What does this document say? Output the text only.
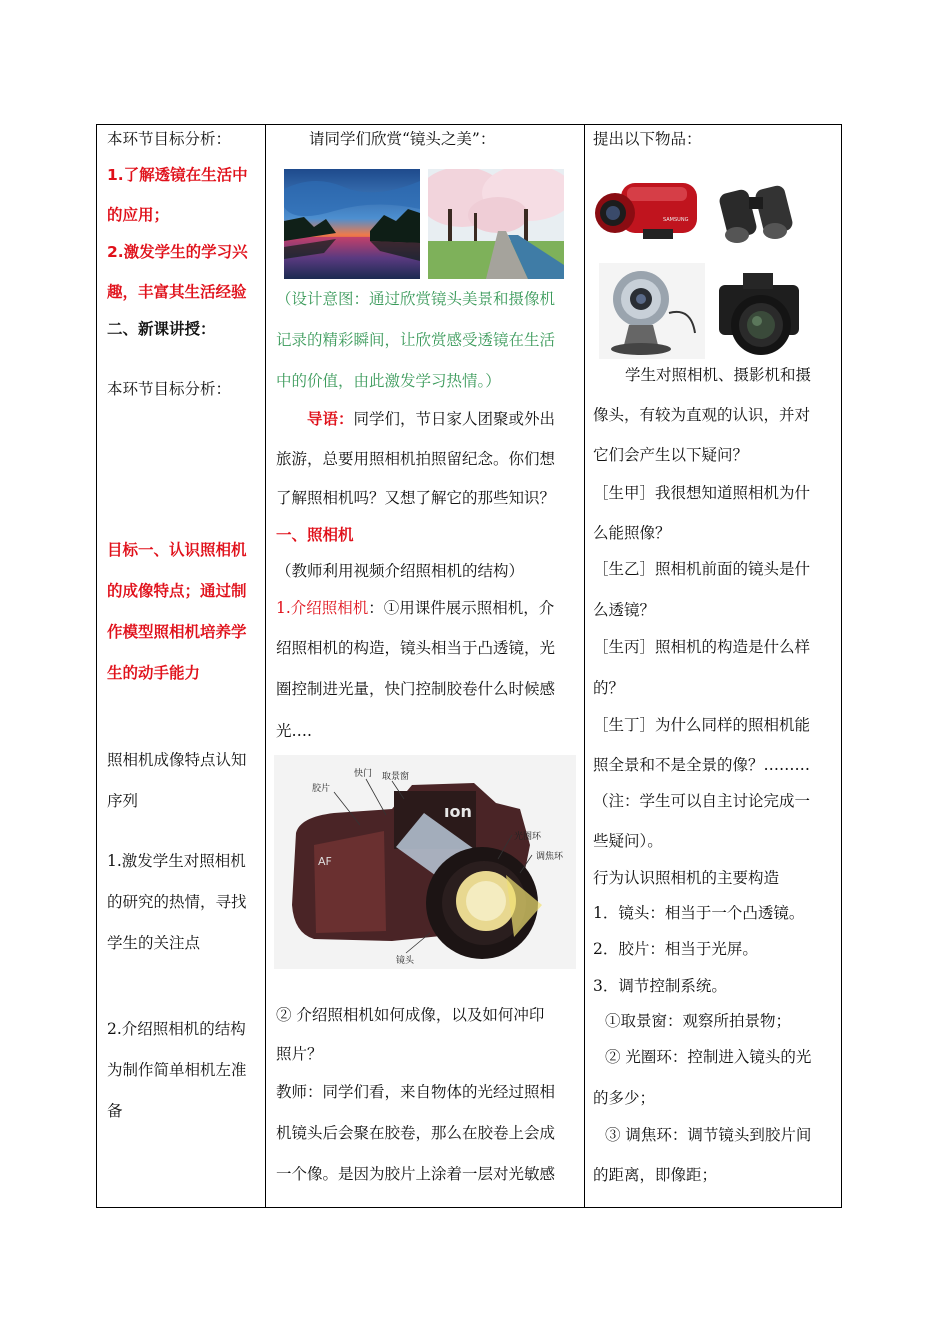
本环节目标分析：
1.了解透镜在生活中
的应用；
2.激发学生的学习兴
趣，丰富其生活经验
二、新课讲授：
本环节目标分析：
目标一、认识照相机
的成像特点；通过制
作模型照相机培养学
生的动手能力
照相机成像特点认知
序列
1.激发学生对照相机
的研究的热情，寻找
学生的关注点
2.介绍照相机的结构
为制作简单相机左准
备
请同学们欣赏“镜头之美”：
（设计意图：通过欣赏镜头美景和摄像机
记录的精彩瞬间，让欣赏感受透镜在生活
中的价值，由此激发学习热情。）
导语：同学们，节日家人团聚或外出
旅游，总要用照相机拍照留纪念。你们想
了解照相机吗？又想了解它的那些知识？
一、照相机
（教师利用视频介绍照相机的结构）
1.介绍照相机：①用课件展示照相机，介
绍照相机的构造，镜头相当于凸透镜，光
圈控制进光量，快门控制胶卷什么时候感
光….
ıon
AF
胶片
快门 取景窗
光圈环
调焦环
镜头
② 介绍照相机如何成像，以及如何冲印
照片？
教师：同学们看，来自物体的光经过照相
机镜头后会聚在胶卷，那么在胶卷上会成
一个像。是因为胶片上涂着一层对光敏感
提出以下物品：
SAMSUNG
学生对照相机、摄影机和摄
像头，有较为直观的认识，并对
它们会产生以下疑问？
［生甲］我很想知道照相机为什
么能照像？
［生乙］照相机前面的镜头是什
么透镜？
［生丙］照相机的构造是什么样
的？
［生丁］为什么同样的照相机能
照全景和不是全景的像？………
（注：学生可以自主讨论完成一
些疑问）。
行为认识照相机的主要构造
1．镜头：相当于一个凸透镜。
2．胶片：相当于光屏。
3．调节控制系统。
①取景窗：观察所拍景物；
② 光圈环：控制进入镜头的光
的多少；
③ 调焦环：调节镜头到胶片间
的距离，即像距；
